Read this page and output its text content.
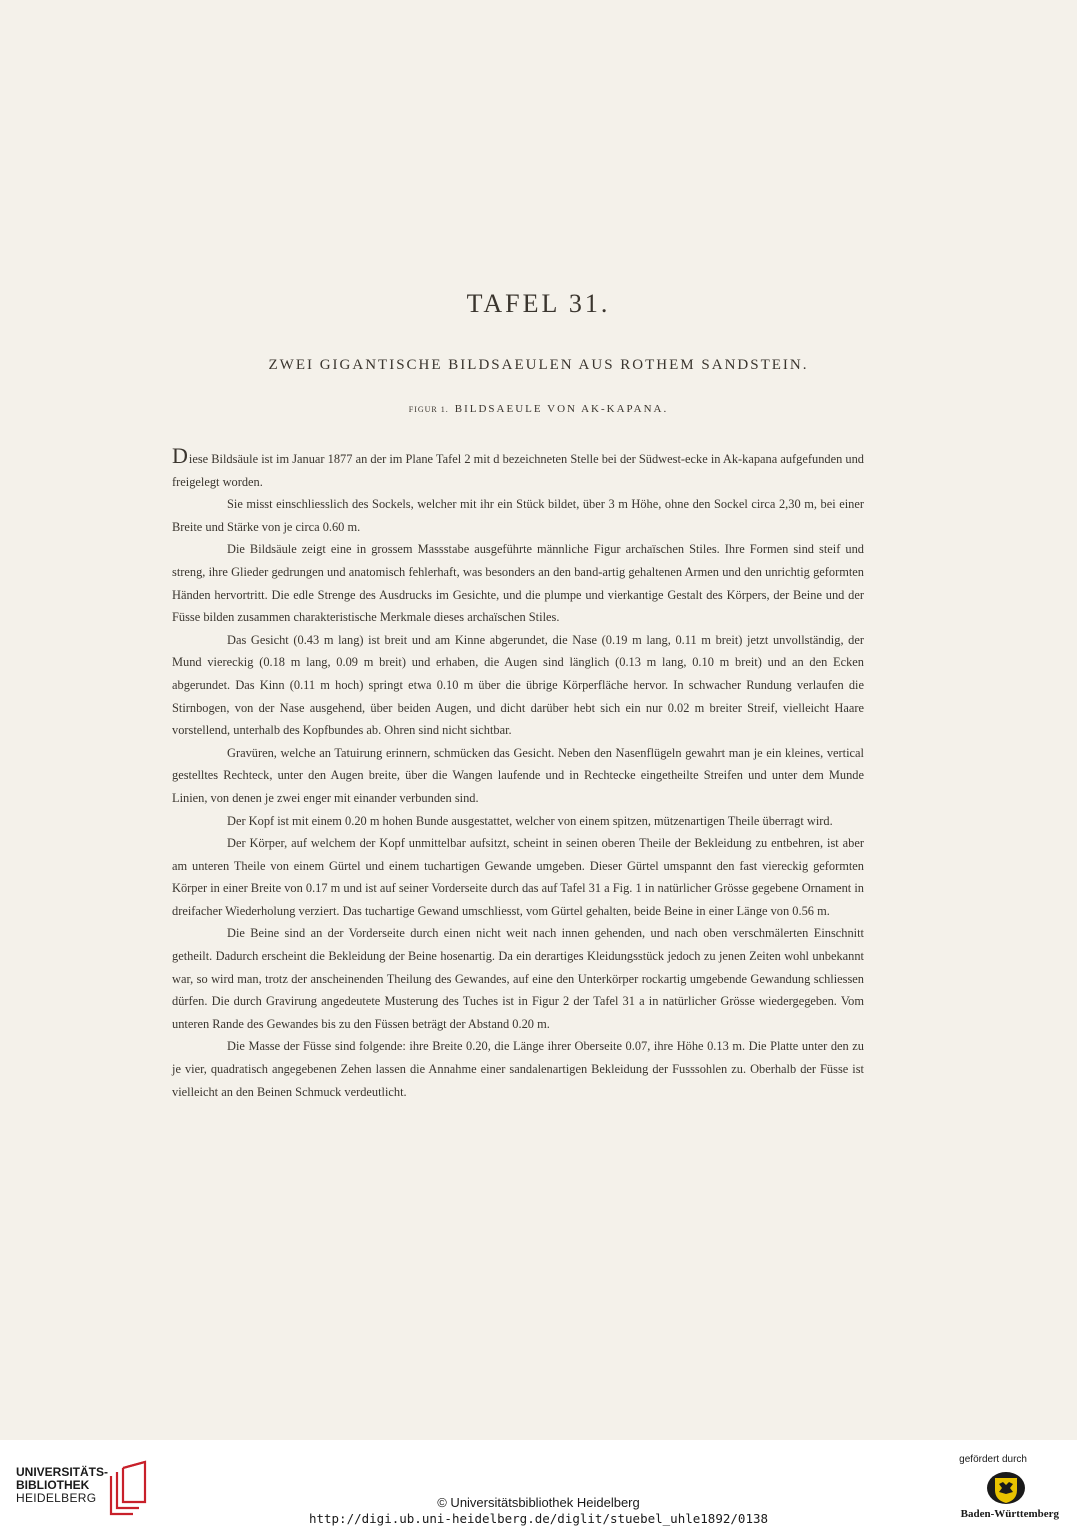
TAFEL 31.
ZWEI GIGANTISCHE BILDSAEULEN AUS ROTHEM SANDSTEIN.
FIGUR 1. BILDSAEULE VON AK-KAPANA.

Diese Bildsäule ist im Januar 1877 an der im Plane Tafel 2 mit d bezeichneten Stelle bei der Südwest-ecke in Ak-kapana aufgefunden und freigelegt worden.

Sie misst einschliesslich des Sockels, welcher mit ihr ein Stück bildet, über 3 m Höhe, ohne den Sockel circa 2,30 m, bei einer Breite und Stärke von je circa 0.60 m.

Die Bildsäule zeigt eine in grossem Massstabe ausgeführte männliche Figur archaïschen Stiles. Ihre Formen sind steif und streng, ihre Glieder gedrungen und anatomisch fehlerhaft, was besonders an den band-artig gehaltenen Armen und den unrichtig geformten Händen hervortritt. Die edle Strenge des Ausdrucks im Gesichte, und die plumpe und vierkantige Gestalt des Körpers, der Beine und der Füsse bilden zusammen charakteristische Merkmale dieses archaïschen Stiles.

Das Gesicht (0.43 m lang) ist breit und am Kinne abgerundet, die Nase (0.19 m lang, 0.11 m breit) jetzt unvollständig, der Mund viereckig (0.18 m lang, 0.09 m breit) und erhaben, die Augen sind länglich (0.13 m lang, 0.10 m breit) und an den Ecken abgerundet. Das Kinn (0.11 m hoch) springt etwa 0.10 m über die übrige Körperfläche hervor. In schwacher Rundung verlaufen die Stirnbogen, von der Nase ausgehend, über beiden Augen, und dicht darüber hebt sich ein nur 0.02 m breiter Streif, vielleicht Haare vorstellend, unterhalb des Kopfbundes ab. Ohren sind nicht sichtbar.

Gravüren, welche an Tatuirung erinnern, schmücken das Gesicht. Neben den Nasenflügeln gewahrt man je ein kleines, vertical gestelltes Rechteck, unter den Augen breite, über die Wangen laufende und in Rechtecke eingetheilte Streifen und unter dem Munde Linien, von denen je zwei enger mit einander verbunden sind.

Der Kopf ist mit einem 0.20 m hohen Bunde ausgestattet, welcher von einem spitzen, mützenartigen Theile überragt wird.

Der Körper, auf welchem der Kopf unmittelbar aufsitzt, scheint in seinen oberen Theile der Bekleidung zu entbehren, ist aber am unteren Theile von einem Gürtel und einem tuchartigen Gewande umgeben. Dieser Gürtel umspannt den fast viereckig geformten Körper in einer Breite von 0.17 m und ist auf seiner Vorderseite durch das auf Tafel 31 a Fig. 1 in natürlicher Grösse gegebene Ornament in dreifacher Wiederholung verziert. Das tuchartige Gewand umschliesst, vom Gürtel gehalten, beide Beine in einer Länge von 0.56 m.

Die Beine sind an der Vorderseite durch einen nicht weit nach innen gehenden, und nach oben verschmälerten Einschnitt getheilt. Dadurch erscheint die Bekleidung der Beine hosenartig. Da ein derartiges Kleidungsstück jedoch zu jenen Zeiten wohl unbekannt war, so wird man, trotz der anscheinenden Theilung des Gewandes, auf eine den Unterkörper rockartig umgebende Gewandung schliessen dürfen. Die durch Gravirung angedeutete Musterung des Tuches ist in Figur 2 der Tafel 31 a in natürlicher Grösse wiedergegeben. Vom unteren Rande des Gewandes bis zu den Füssen beträgt der Abstand 0.20 m.

Die Masse der Füsse sind folgende: ihre Breite 0.20, die Länge ihrer Oberseite 0.07, ihre Höhe 0.13 m. Die Platte unter den zu je vier, quadratisch angegebenen Zehen lassen die Annahme einer sandalenartigen Bekleidung der Fusssohlen zu. Oberhalb der Füsse ist vielleicht an den Beinen Schmuck verdeutlicht.

UNIVERSITÄTS-
BIBLIOTHEK
HEIDELBERG	© Universitätsbibliothek Heidelberg
http://digi.ub.uni-heidelberg.de/diglit/stuebel_uhle1892/0138
gefördert durch
Baden-Württemberg
